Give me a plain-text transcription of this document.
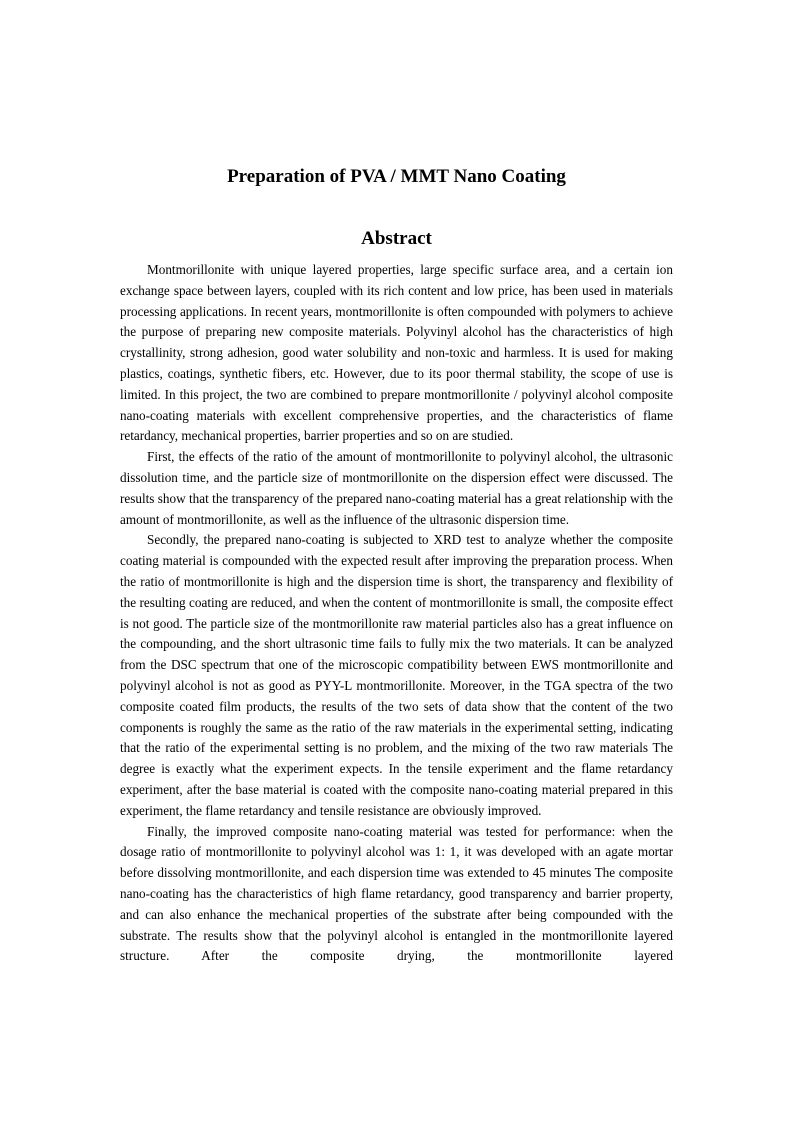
Preparation of PVA / MMT Nano Coating
Abstract

Montmorillonite with unique layered properties, large specific surface area, and a certain ion exchange space between layers, coupled with its rich content and low price, has been used in materials processing applications. In recent years, montmorillonite is often compounded with polymers to achieve the purpose of preparing new composite materials. Polyvinyl alcohol has the characteristics of high crystallinity, strong adhesion, good water solubility and non-toxic and harmless. It is used for making plastics, coatings, synthetic fibers, etc. However, due to its poor thermal stability, the scope of use is limited. In this project, the two are combined to prepare montmorillonite / polyvinyl alcohol composite nano-coating materials with excellent comprehensive properties, and the characteristics of flame retardancy, mechanical properties, barrier properties and so on are studied.

First, the effects of the ratio of the amount of montmorillonite to polyvinyl alcohol, the ultrasonic dissolution time, and the particle size of montmorillonite on the dispersion effect were discussed. The results show that the transparency of the prepared nano-coating material has a great relationship with the amount of montmorillonite, as well as the influence of the ultrasonic dispersion time.

Secondly, the prepared nano-coating is subjected to XRD test to analyze whether the composite coating material is compounded with the expected result after improving the preparation process. When the ratio of montmorillonite is high and the dispersion time is short, the transparency and flexibility of the resulting coating are reduced, and when the content of montmorillonite is small, the composite effect is not good. The particle size of the montmorillonite raw material particles also has a great influence on the compounding, and the short ultrasonic time fails to fully mix the two materials. It can be analyzed from the DSC spectrum that one of the microscopic compatibility between EWS montmorillonite and polyvinyl alcohol is not as good as PYY-L montmorillonite. Moreover, in the TGA spectra of the two composite coated film products, the results of the two sets of data show that the content of the two components is roughly the same as the ratio of the raw materials in the experimental setting, indicating that the ratio of the experimental setting is no problem, and the mixing of the two raw materials The degree is exactly what the experiment expects. In the tensile experiment and the flame retardancy experiment, after the base material is coated with the composite nano-coating material prepared in this experiment, the flame retardancy and tensile resistance are obviously improved.

Finally, the improved composite nano-coating material was tested for performance: when the dosage ratio of montmorillonite to polyvinyl alcohol was 1: 1, it was developed with an agate mortar before dissolving montmorillonite, and each dispersion time was extended to 45 minutes The composite nano-coating has the characteristics of high flame retardancy, good transparency and barrier property, and can also enhance the mechanical properties of the substrate after being compounded with the substrate. The results show that the polyvinyl alcohol is entangled in the montmorillonite layered structure. After the composite drying, the montmorillonite layered
